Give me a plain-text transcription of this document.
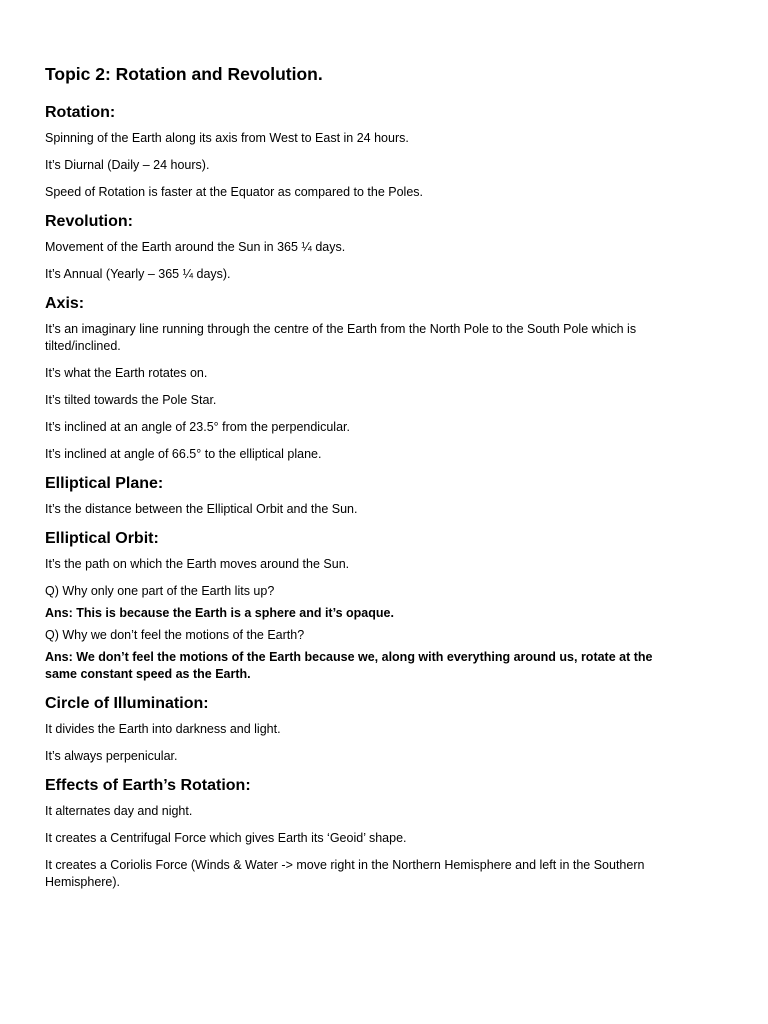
Topic 2: Rotation and Revolution.
Rotation:
Spinning of the Earth along its axis from West to East in 24 hours.
It’s Diurnal (Daily – 24 hours).
Speed of Rotation is faster at the Equator as compared to the Poles.
Revolution:
Movement of the Earth around the Sun in 365 ¼ days.
It’s Annual (Yearly – 365 ¼ days).
Axis:
It’s an imaginary line running through the centre of the Earth from the North Pole to the South Pole which is tilted/inclined.
It’s what the Earth rotates on.
It’s tilted towards the Pole Star.
It’s inclined at an angle of 23.5° from the perpendicular.
It’s inclined at angle of 66.5° to the elliptical plane.
Elliptical Plane:
It’s the distance between the Elliptical Orbit and the Sun.
Elliptical Orbit:
It’s the path on which the Earth moves around the Sun.
Q) Why only one part of the Earth lits up?
Ans: This is because the Earth is a sphere and it’s opaque.
Q) Why we don’t feel the motions of the Earth?
Ans: We don’t feel the motions of the Earth because we, along with everything around us, rotate at the same constant speed as the Earth.
Circle of Illumination:
It divides the Earth into darkness and light.
It’s always perpenicular.
Effects of Earth’s Rotation:
It alternates day and night.
It creates a Centrifugal Force which gives Earth its ‘Geoid’ shape.
It creates a Coriolis Force (Winds & Water -> move right in the Northern Hemisphere and left in the Southern Hemisphere).
